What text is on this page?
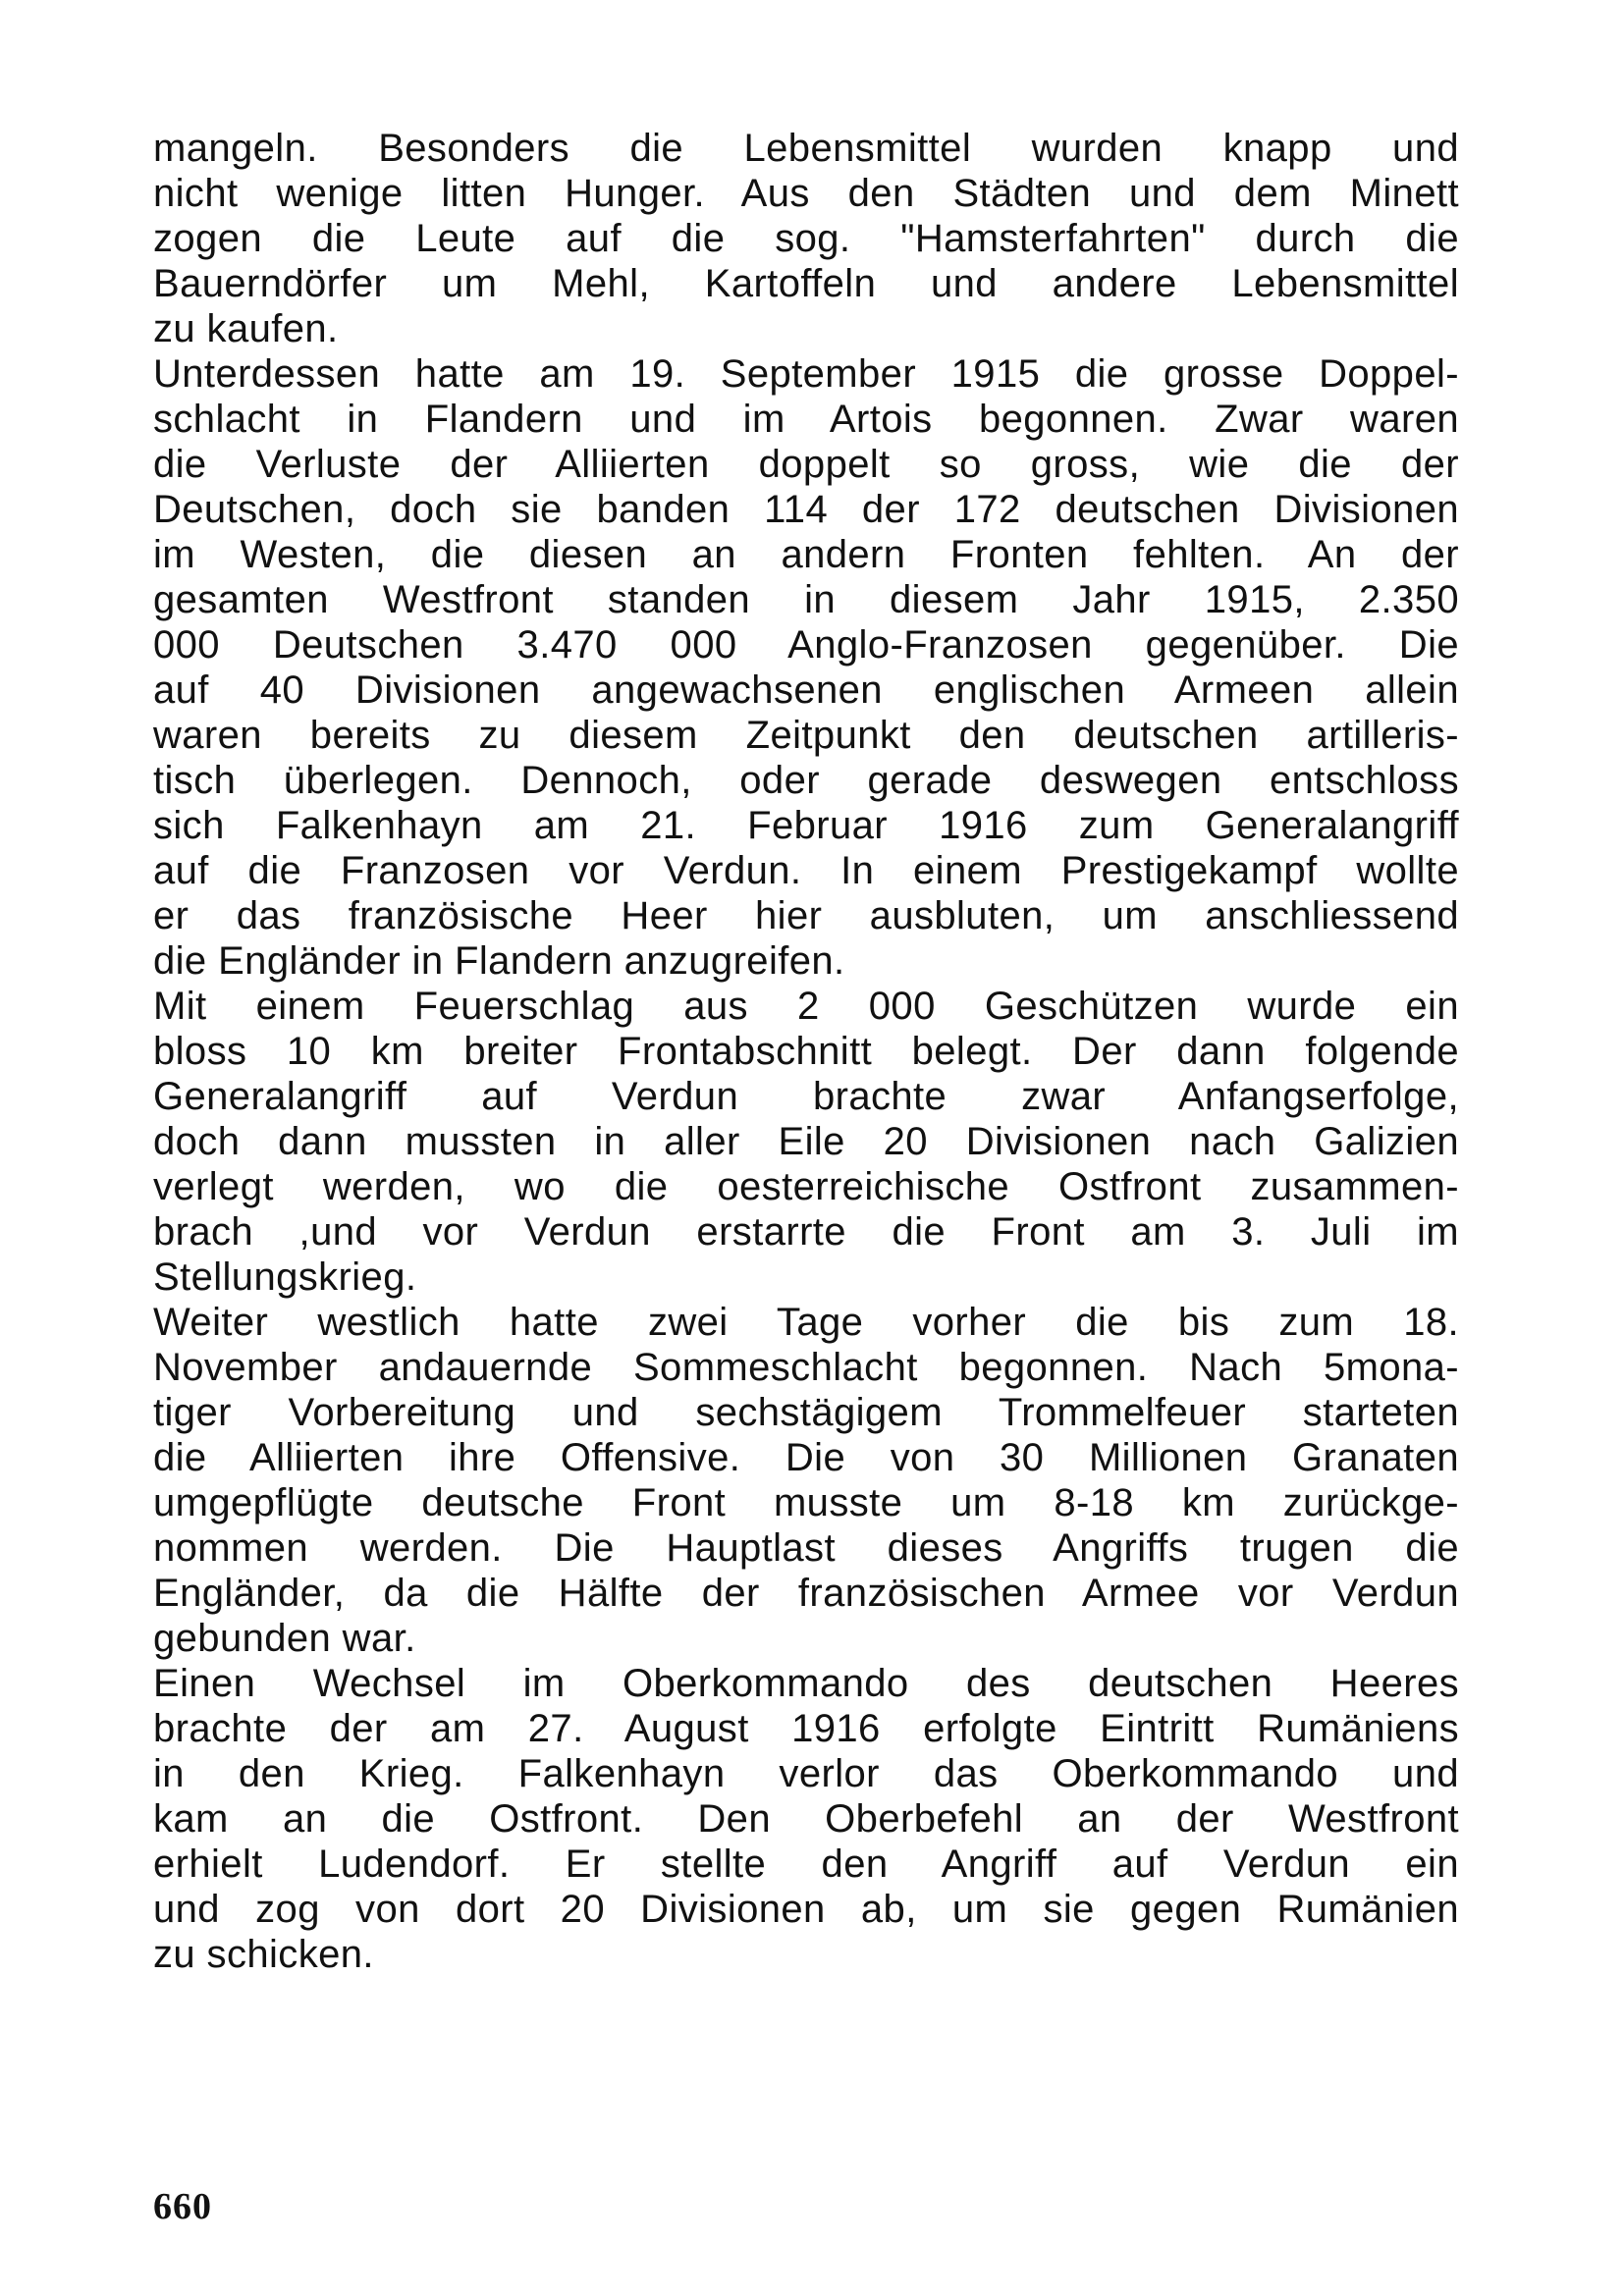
mangeln. Besonders die Lebensmittel wurden knapp und
nicht wenige litten Hunger. Aus den Städten und dem Minett
zogen die Leute auf die sog. "Hamsterfahrten" durch die
Bauerndörfer um Mehl, Kartoffeln und andere Lebensmittel
zu kaufen.
Unterdessen hatte am 19. September 1915 die grosse Doppel-
schlacht in Flandern und im Artois begonnen. Zwar waren
die Verluste der Alliierten doppelt so gross, wie die der
Deutschen, doch sie banden 114 der 172 deutschen Divisionen
im Westen, die diesen an andern Fronten fehlten. An der
gesamten Westfront standen in diesem Jahr 1915, 2.350
000 Deutschen 3.470 000 Anglo-Franzosen gegenüber. Die
auf 40 Divisionen angewachsenen englischen Armeen allein
waren bereits zu diesem Zeitpunkt den deutschen artilleris-
tisch überlegen. Dennoch, oder gerade deswegen entschloss
sich Falkenhayn am 21. Februar 1916 zum Generalangriff
auf die Franzosen vor Verdun. In einem Prestigekampf wollte
er das französische Heer hier ausbluten, um anschliessend
die Engländer in Flandern anzugreifen.
Mit einem Feuerschlag aus 2 000 Geschützen wurde ein
bloss 10 km breiter Frontabschnitt belegt. Der dann folgende
Generalangriff auf Verdun brachte zwar Anfangserfolge,
doch dann mussten in aller Eile 20 Divisionen nach Galizien
verlegt werden, wo die oesterreichische Ostfront zusammen-
brach ,und vor Verdun erstarrte die Front am 3. Juli im
Stellungskrieg.
Weiter westlich hatte zwei Tage vorher die bis zum 18.
November andauernde Sommeschlacht begonnen. Nach 5mona-
tiger Vorbereitung und sechstägigem Trommelfeuer starteten
die Alliierten ihre Offensive. Die von 30 Millionen Granaten
umgepflügte deutsche Front musste um 8-18 km zurückge-
nommen werden. Die Hauptlast dieses Angriffs trugen die
Engländer, da die Hälfte der französischen Armee vor Verdun
gebunden war.
Einen Wechsel im Oberkommando des deutschen Heeres
brachte der am 27. August 1916 erfolgte Eintritt Rumäniens
in den Krieg. Falkenhayn verlor das Oberkommando und
kam an die Ostfront. Den Oberbefehl an der Westfront
erhielt Ludendorf. Er stellte den Angriff auf Verdun ein
und zog von dort 20 Divisionen ab, um sie gegen Rumänien
zu schicken.
660
